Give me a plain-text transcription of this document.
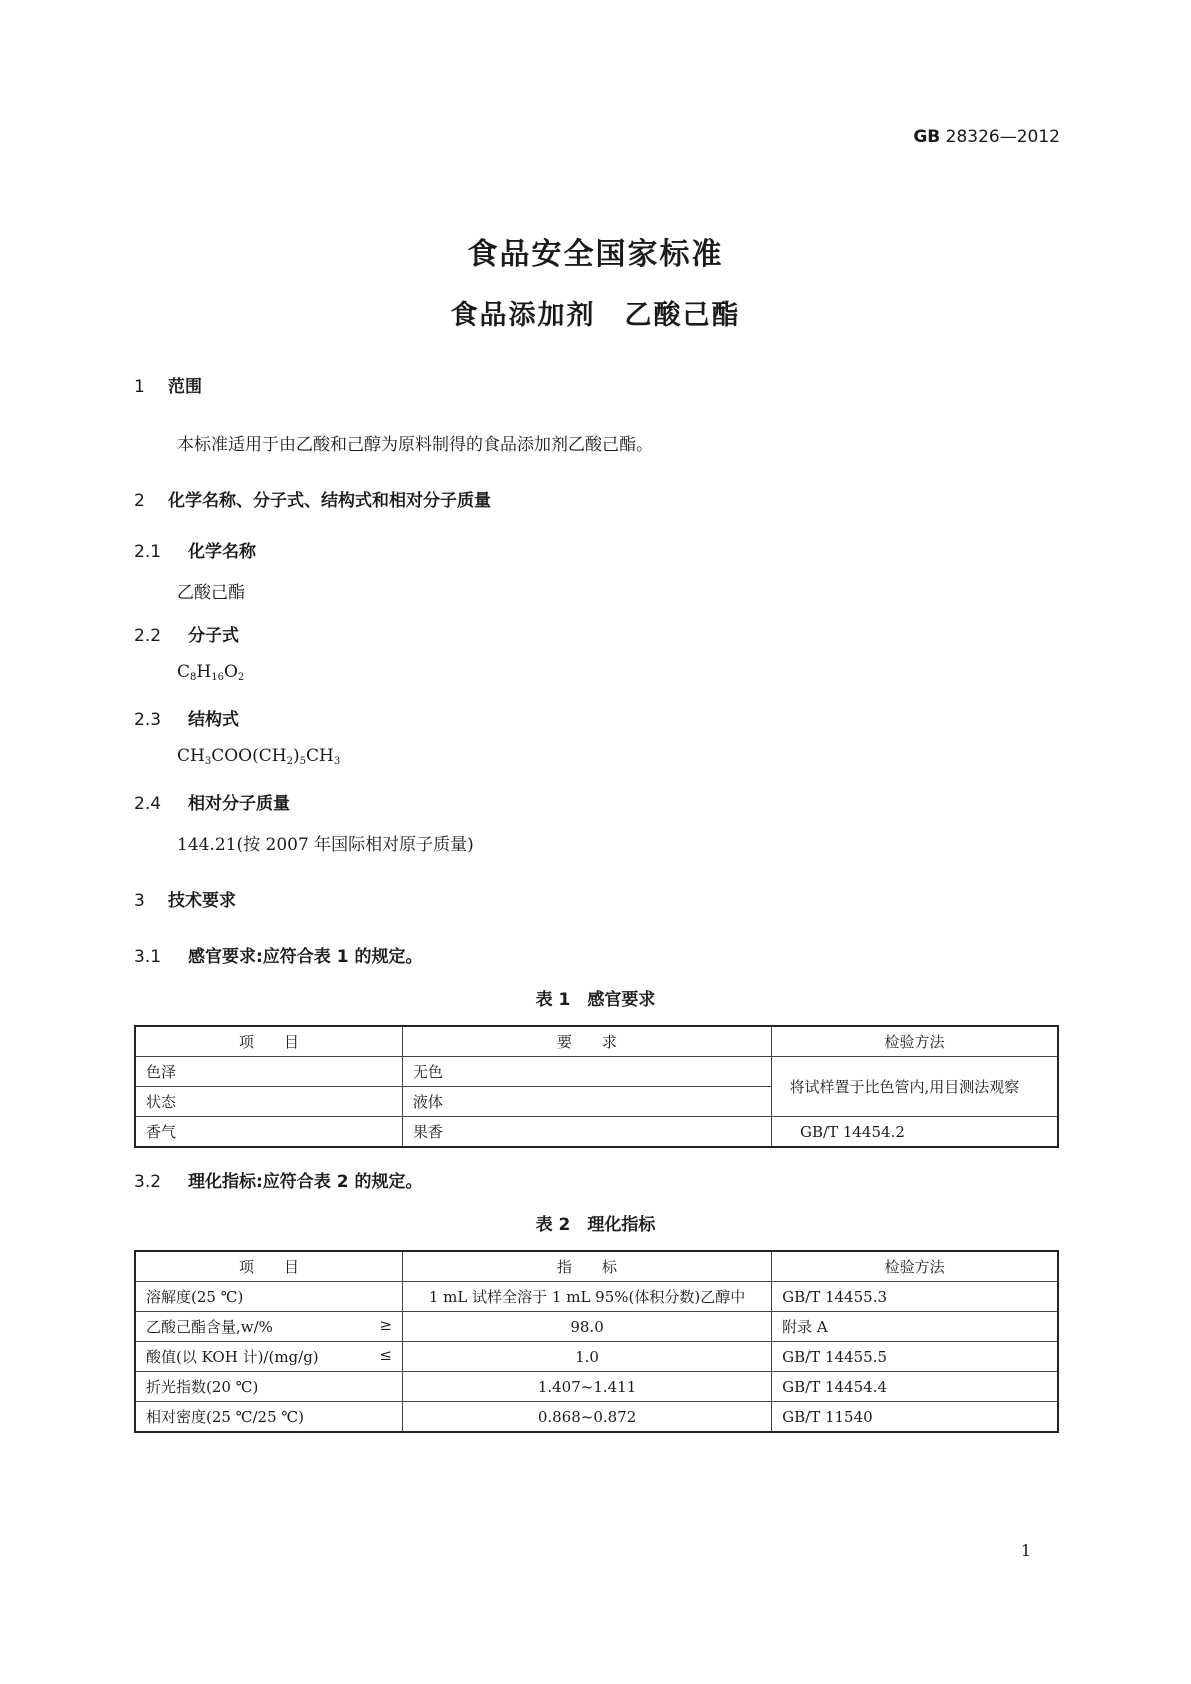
GB 28326—2012
食品安全国家标准
食品添加剂　乙酸己酯
1 范围
本标准适用于由乙酸和己醇为原料制得的食品添加剂乙酸己酯。
2 化学名称、分子式、结构式和相对分子质量
2.1 化学名称
乙酸己酯
2.2 分子式
$C_8H_{16}O_2$
2.3 结构式
$CH_3COO(CH_2)_5CH_3$
2.4 相对分子质量
144.21(按 2007 年国际相对原子质量)
3 技术要求
3.1 感官要求:应符合表 1 的规定。
表 1　感官要求
项　　目	要　　求	检验方法
色泽	无色	将试样置于比色管内,用目测法观察
状态	液体	
香气	果香	GB/T 14454.2
3.2 理化指标:应符合表 2 的规定。
表 2　理化指标
项　　目	指　　标	检验方法
溶解度(25 ℃)	1 mL 试样全溶于 1 mL 95%(体积分数)乙醇中	GB/T 14455.3
乙酸己酯含量,w/% ≥	98.0	附录 A
酸值(以 KOH 计)/(mg/g) ≤	1.0	GB/T 14455.5
折光指数(20 ℃)	1.407~1.411	GB/T 14454.4
相对密度(25 ℃/25 ℃)	0.868~0.872	GB/T 11540
1
